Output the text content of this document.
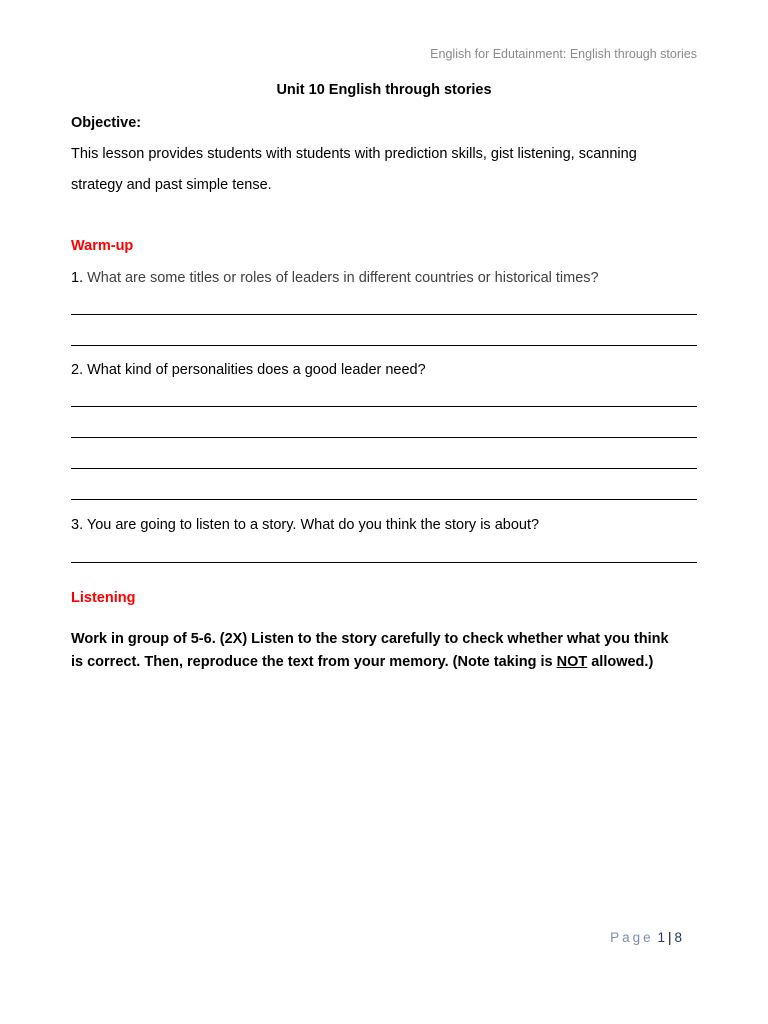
English for Edutainment: English through stories
Unit 10 English through stories
Objective:
This lesson provides students with students with prediction skills, gist listening, scanning
strategy and past simple tense.
Warm-up
1. What are some titles or roles of leaders in different countries or historical times?
2. What kind of personalities does a good leader need?
3. You are going to listen to a story. What do you think the story is about?
Listening
Work in group of 5-6. (2X) Listen to the story carefully to check whether what you think
is correct. Then, reproduce the text from your memory. (Note taking is NOT allowed.)
Page 1 | 8
